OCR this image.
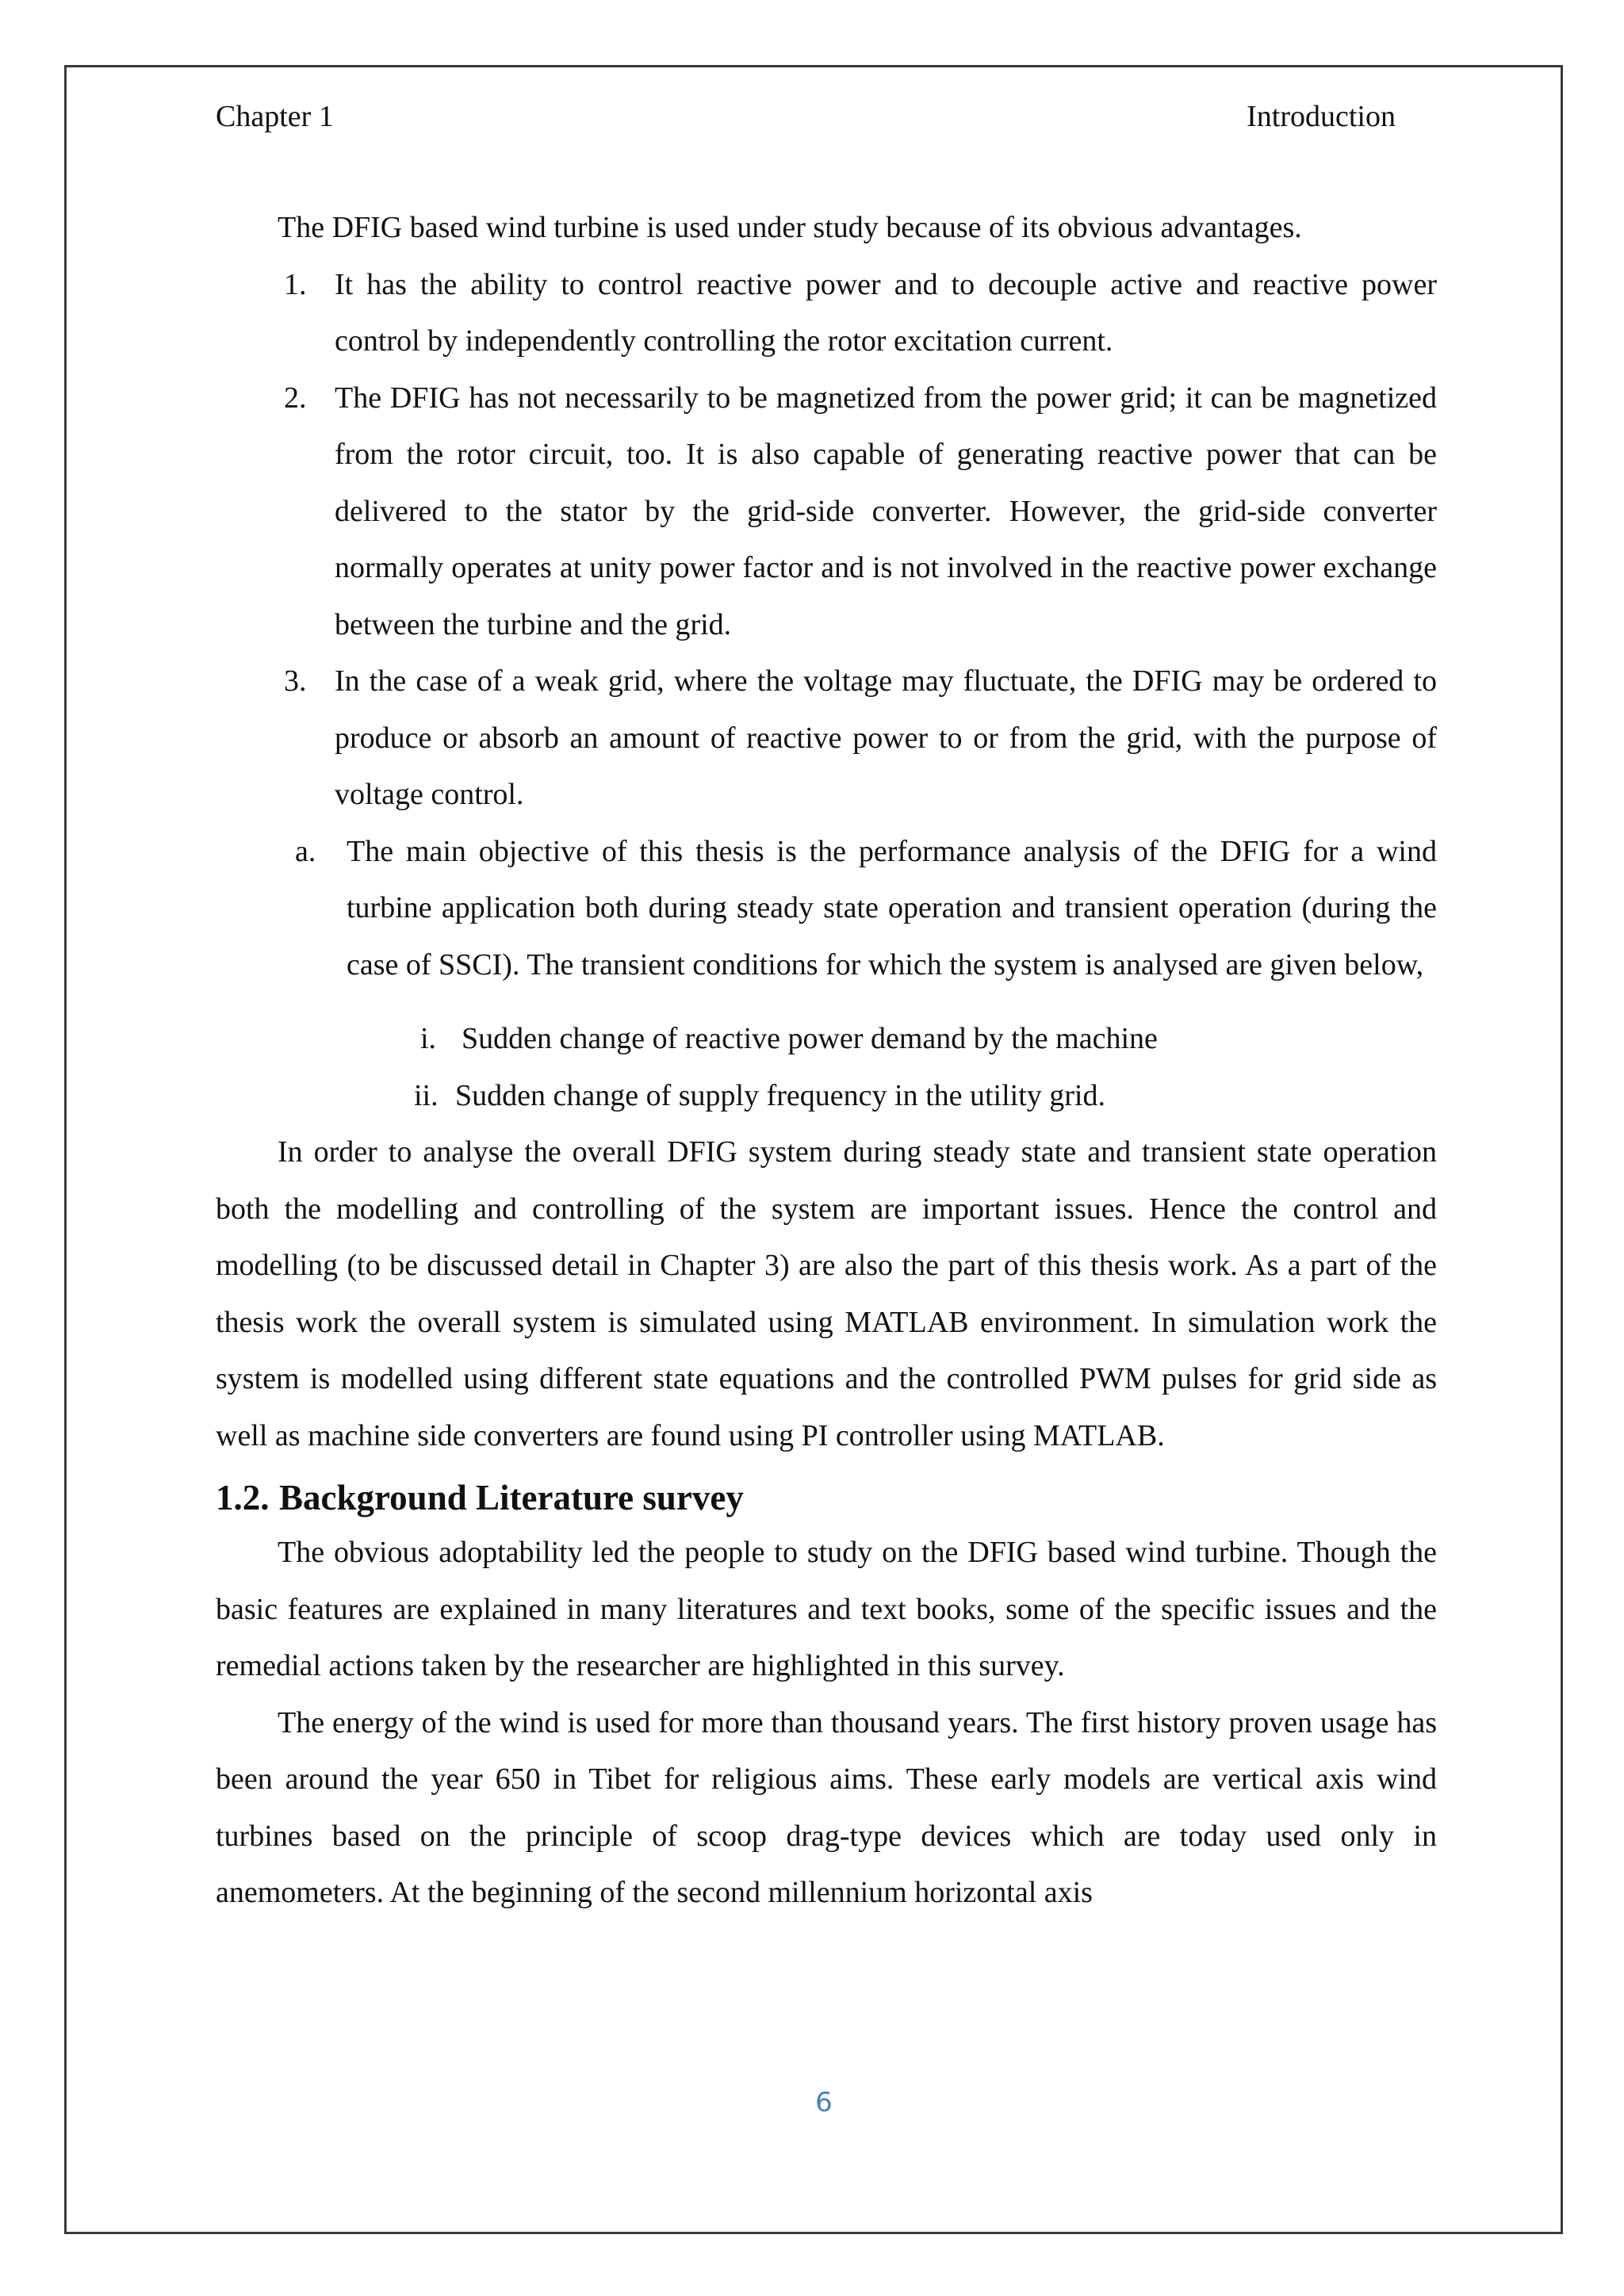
Chapter 1	Introduction

The DFIG based wind turbine is used under study because of its obvious advantages.

1. It has the ability to control reactive power and to decouple active and reactive power control by independently controlling the rotor excitation current.
2. The DFIG has not necessarily to be magnetized from the power grid; it can be magnetized from the rotor circuit, too. It is also capable of generating reactive power that can be delivered to the stator by the grid-side converter. However, the grid-side converter normally operates at unity power factor and is not involved in the reactive power exchange between the turbine and the grid.
3. In the case of a weak grid, where the voltage may fluctuate, the DFIG may be ordered to produce or absorb an amount of reactive power to or from the grid, with the purpose of voltage control.
a. The main objective of this thesis is the performance analysis of the DFIG for a wind turbine application both during steady state operation and transient operation (during the case of SSCI). The transient conditions for which the system is analysed are given below,
i. Sudden change of reactive power demand by the machine
ii. Sudden change of supply frequency in the utility grid.

In order to analyse the overall DFIG system during steady state and transient state operation both the modelling and controlling of the system are important issues. Hence the control and modelling (to be discussed detail in Chapter 3) are also the part of this thesis work. As a part of the thesis work the overall system is simulated using MATLAB environment. In simulation work the system is modelled using different state equations and the controlled PWM pulses for grid side as well as machine side converters are found using PI controller using MATLAB.

1.2. Background Literature survey

The obvious adoptability led the people to study on the DFIG based wind turbine. Though the basic features are explained in many literatures and text books, some of the specific issues and the remedial actions taken by the researcher are highlighted in this survey.

The energy of the wind is used for more than thousand years. The first history proven usage has been around the year 650 in Tibet for religious aims. These early models are vertical axis wind turbines based on the principle of scoop drag-type devices which are today used only in anemometers. At the beginning of the second millennium horizontal axis

6
